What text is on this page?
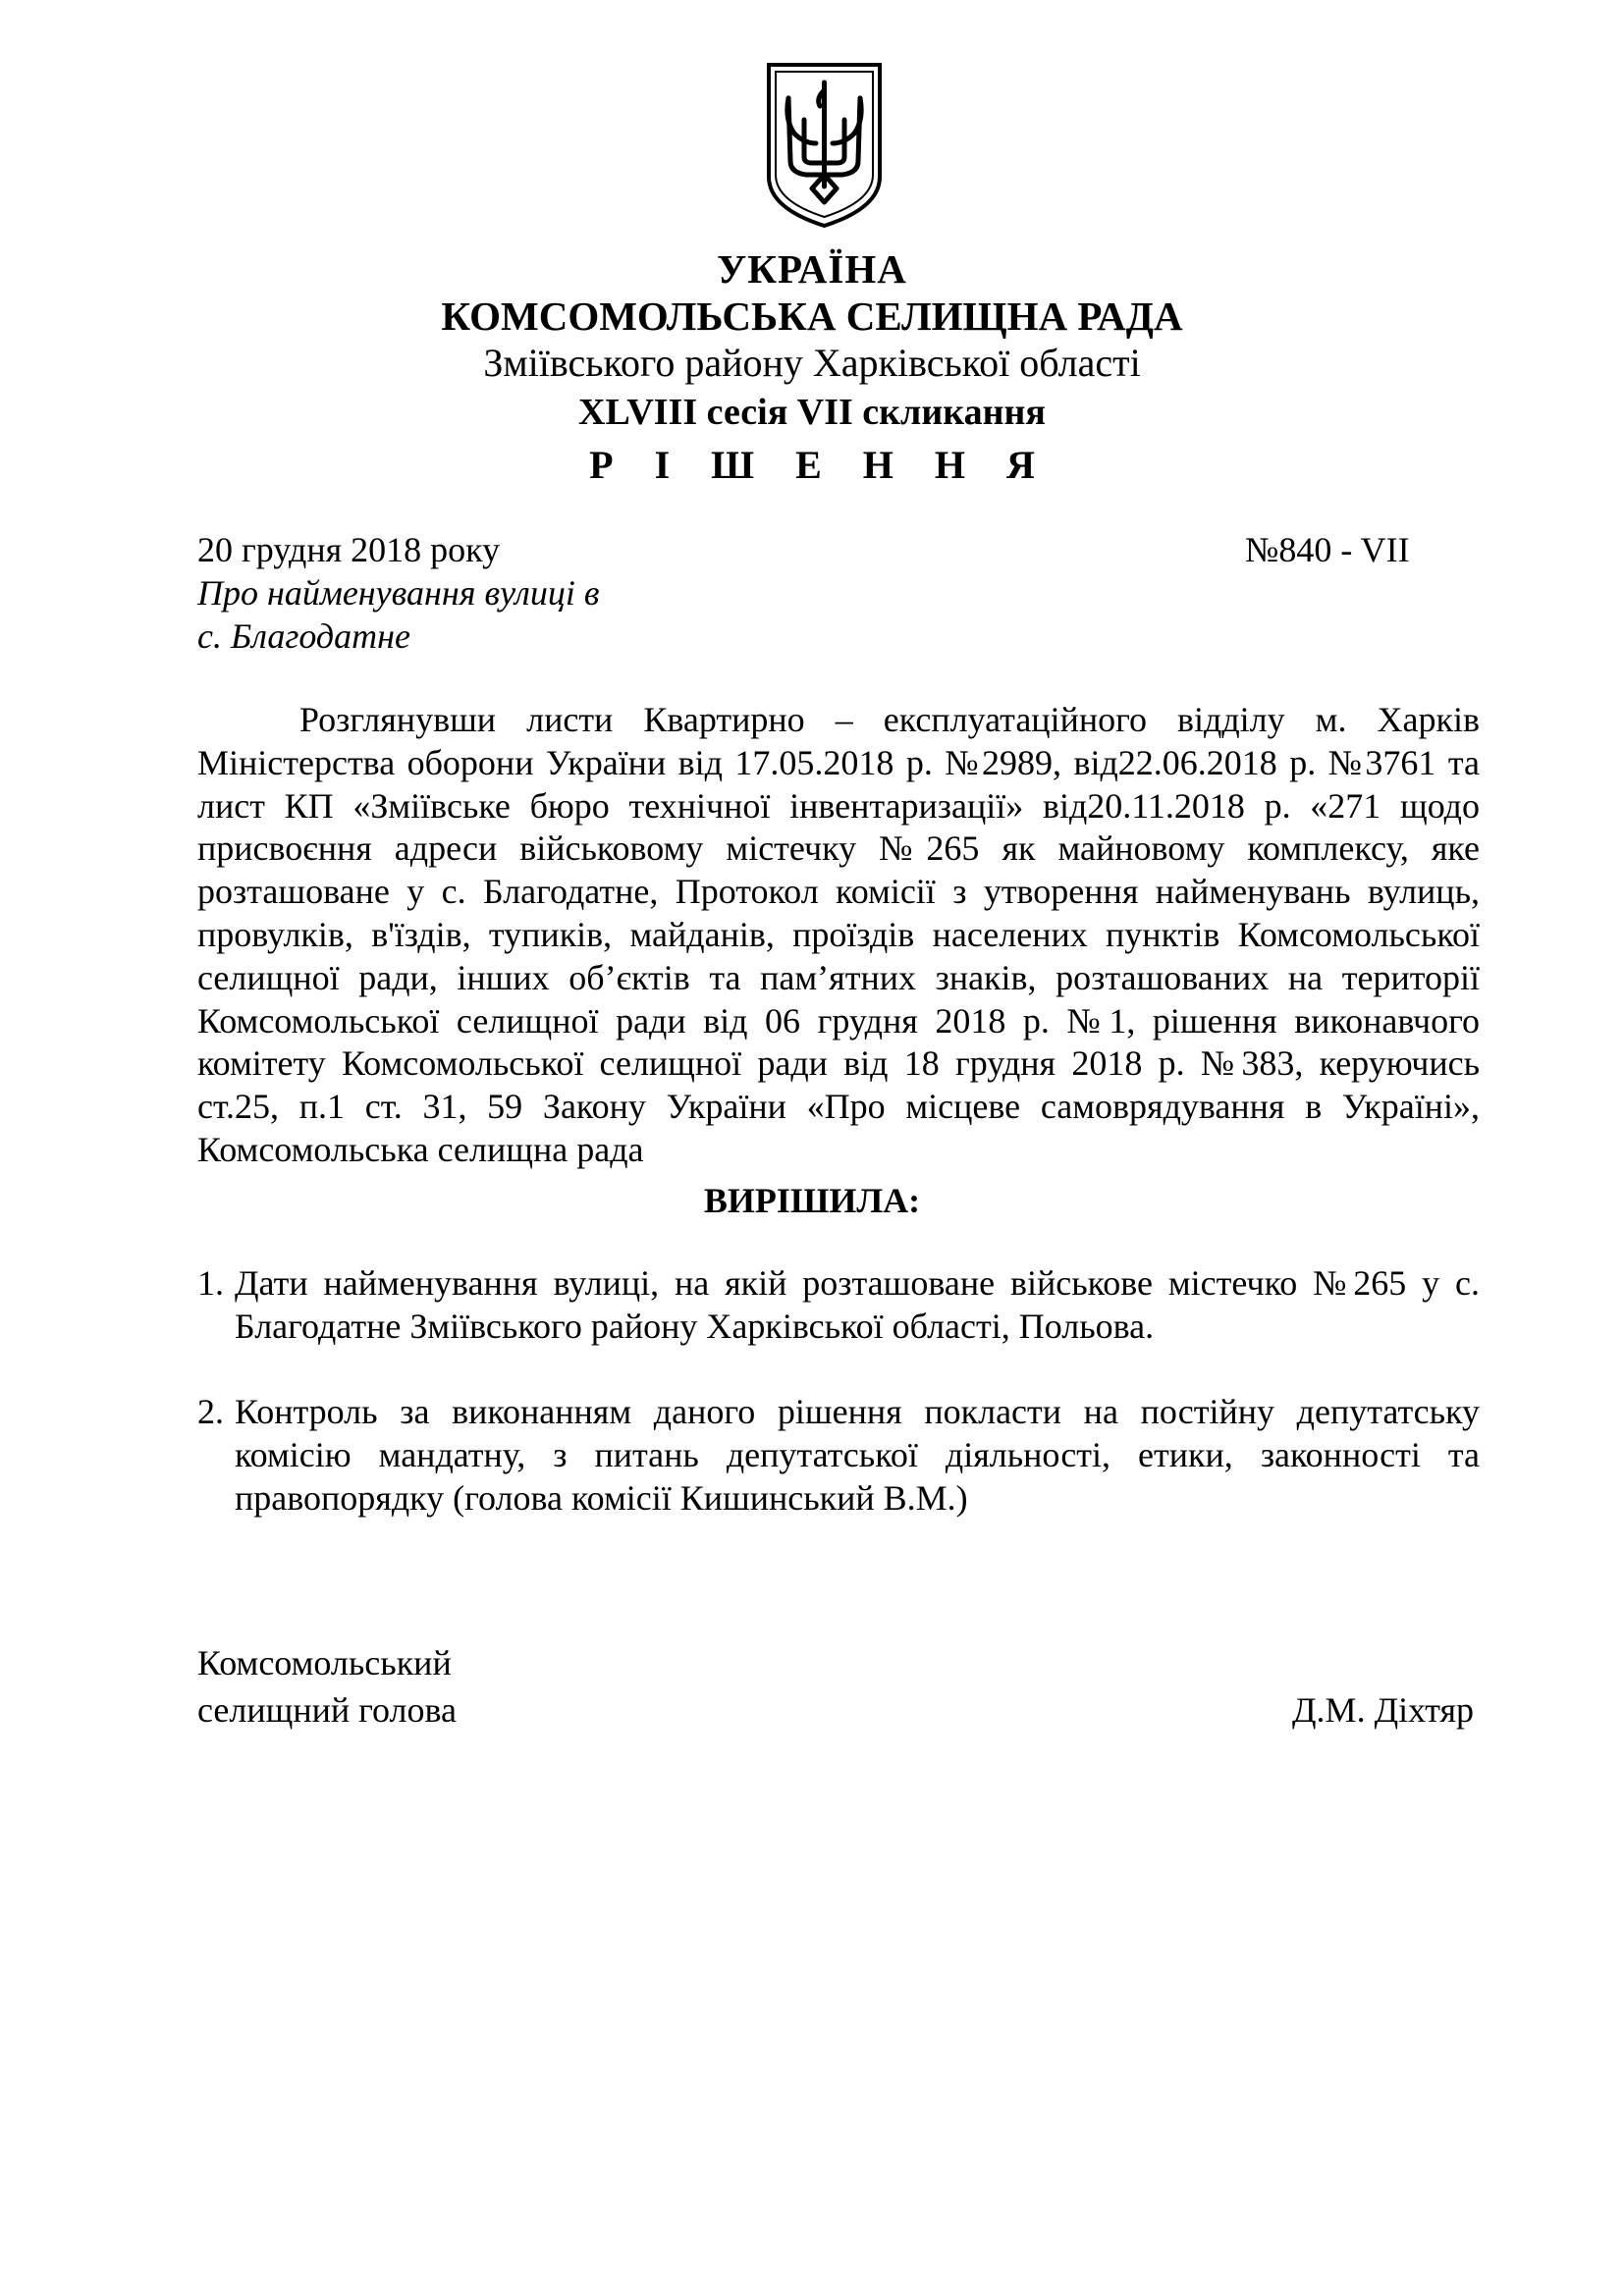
УКРАЇНА
КОМСОМОЛЬСЬКА СЕЛИЩНА РАДА
Зміївського району Харківської області
XLVIII сесія VII скликання
Р І Ш Е Н Н Я
20 грудня 2018 року	№840 - VII
Про найменування вулиці в
с. Благодатне
Розглянувши листи Квартирно – експлуатаційного відділу м. Харків Міністерства оборони України від 17.05.2018 р. №2989, від22.06.2018 р. №3761 та лист КП «Зміївське бюро технічної інвентаризації» від20.11.2018 р. «271 щодо присвоєння адреси військовому містечку №265 як майновому комплексу, яке розташоване у с. Благодатне, Протокол комісії з утворення найменувань вулиць, провулків, в'їздів, тупиків, майданів, проїздів населених пунктів Комсомольської селищної ради, інших об’єктів та пам’ятних знаків, розташованих на території Комсомольської селищної ради від 06 грудня 2018 р. №1, рішення виконавчого комітету Комсомольської селищної ради від 18 грудня 2018 р. №383, керуючись ст.25, п.1 ст. 31, 59 Закону України «Про місцеве самоврядування в Україні», Комсомольська селищна рада
ВИРІШИЛА:
1. Дати найменування вулиці, на якій розташоване військове містечко №265 у с. Благодатне Зміївського району Харківської області, Польова.
2. Контроль за виконанням даного рішення покласти на постійну депутатську комісію мандатну, з питань депутатської діяльності, етики, законності та правопорядку (голова комісії Кишинський В.М.)
Комсомольський
селищний голова	Д.М. Діхтяр
